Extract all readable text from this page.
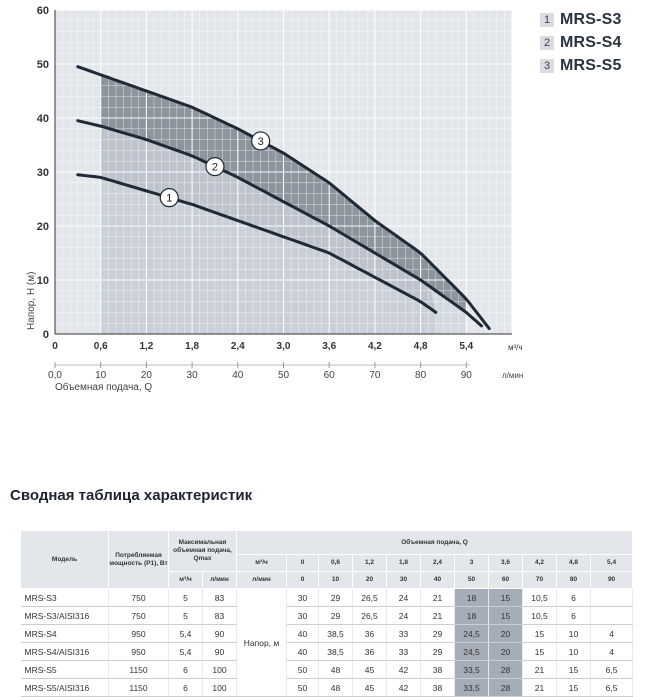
1
2
3
0
10
20
30
40
50
60
0	0,6	1,2	1,8	2,4	3,0	3,6	4,2	4,8	5,4	м³/ч
0,0	10	20	30	40	50	60	70	80	90	л/мин
Объемная подача, Q
Напор, Н (м)
1 MRS-S3
2 MRS-S4
3 MRS-S5
Сводная таблица характеристик
Модель	Потребляемая мощность (P1), Вт	Максимальная объемная подача, Qmax		Объемная подача, Q										
				м³/ч	0	0,6	1,2	1,8	2,4	3	3,6	4,2	4,8	5,4
		м³/ч	л/мин	л/мин	0	10	20	30	40	50	60	70	80	90
MRS-S3	750	5	83	Напор, м	30	29	26,5	24	21	18	15	10,5	6	
MRS-S3/AISI316	750	5	83		30	29	26,5	24	21	18	15	10,5	6	
MRS-S4	950	5,4	90		40	38,5	36	33	29	24,5	20	15	10	4
MRS-S4/AISI316	950	5,4	90		40	38,5	36	33	29	24,5	20	15	10	4
MRS-S5	1150	6	100		50	48	45	42	38	33,5	28	21	15	6,5
MRS-S5/AISI316	1150	6	100		50	48	45	42	38	33,5	28	21	15	6,5
